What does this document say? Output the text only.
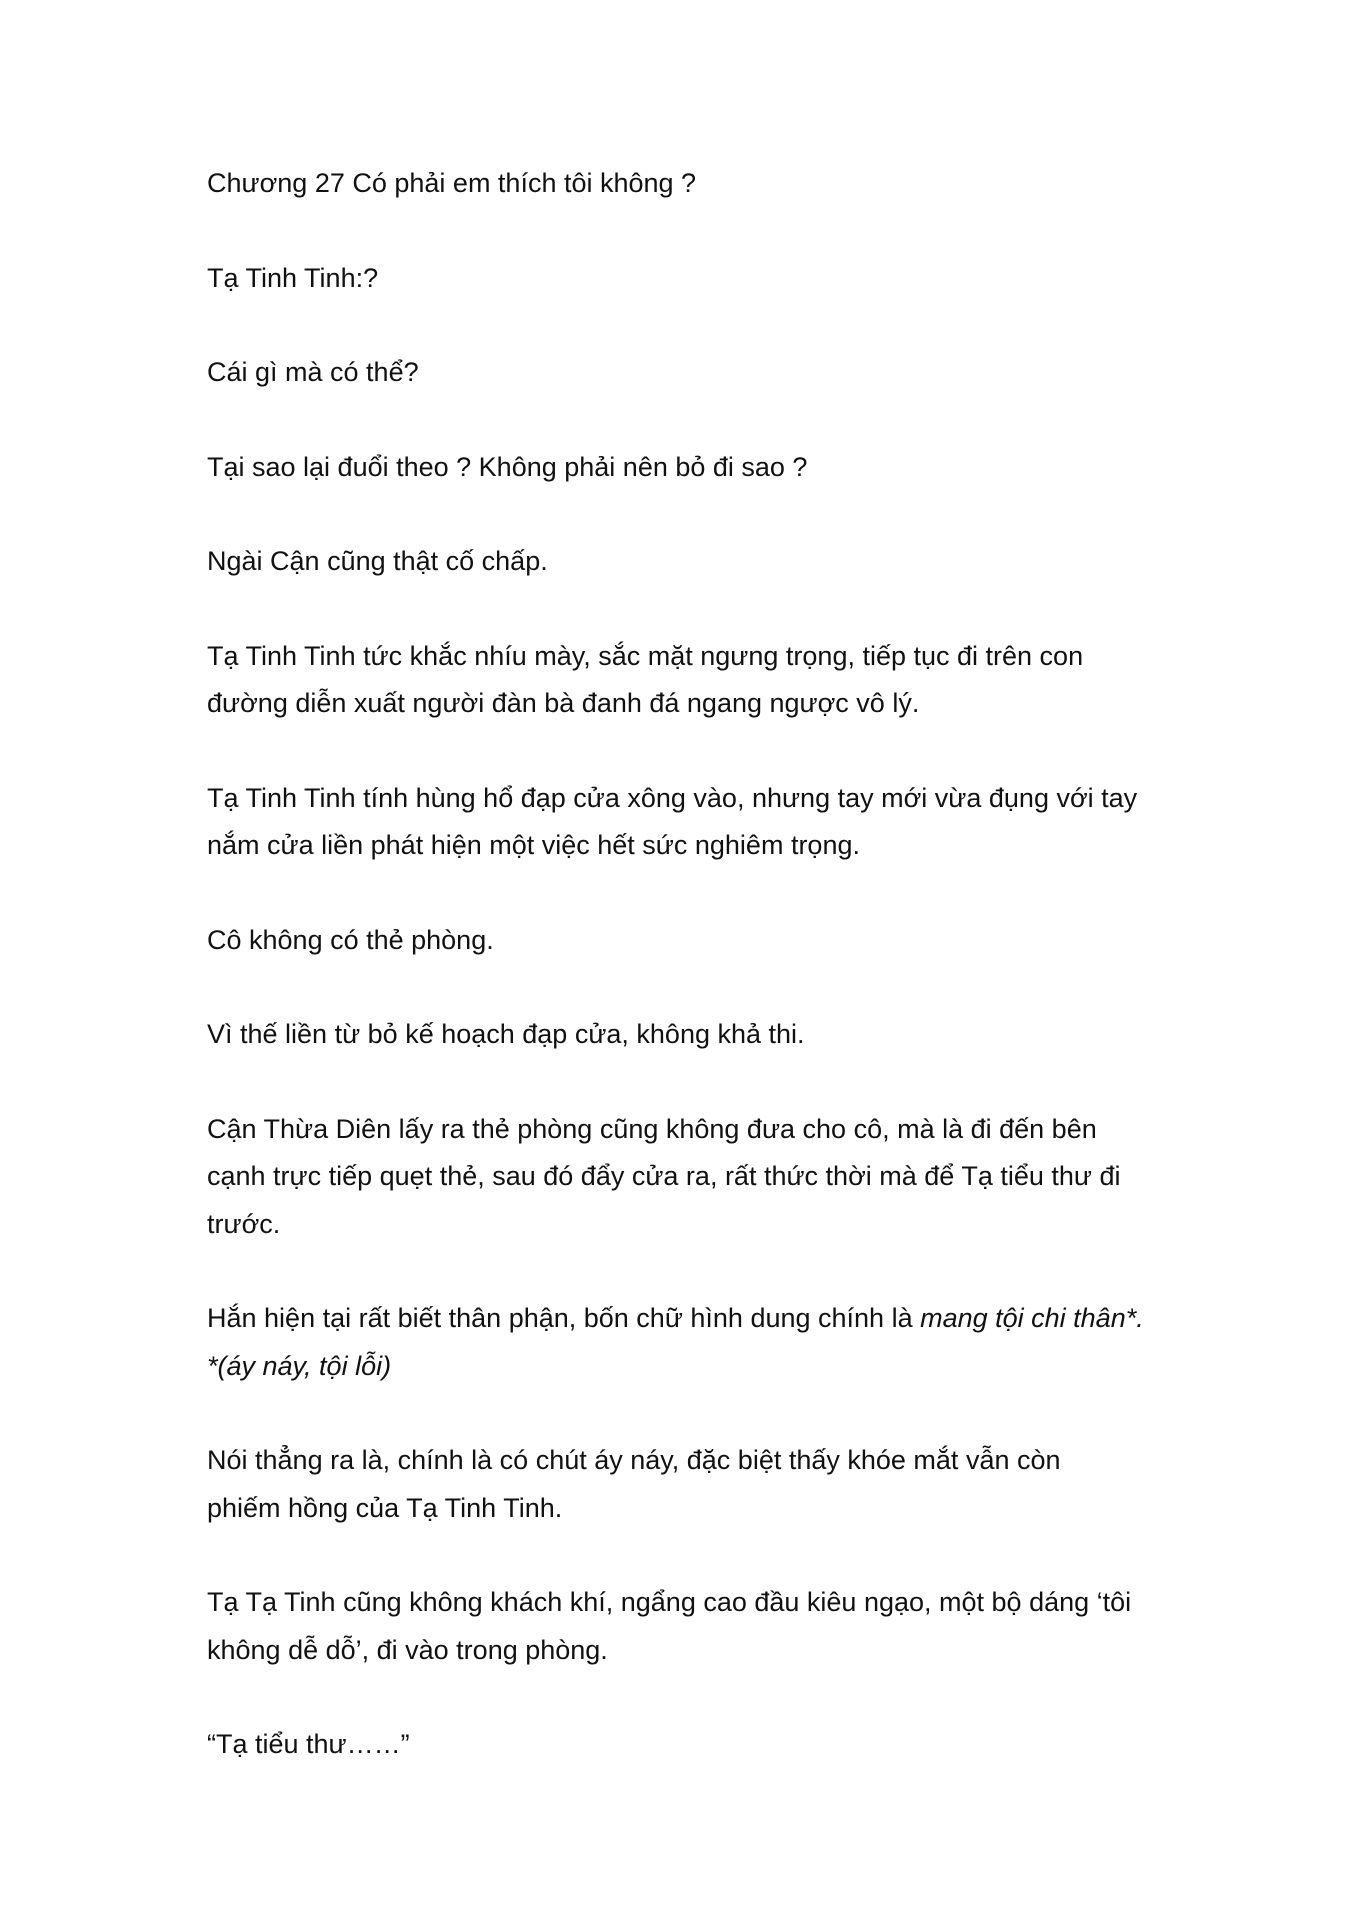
Chương 27 Có phải em thích tôi không ?

Tạ Tinh Tinh:?

Cái gì mà có thể?

Tại sao lại đuổi theo ? Không phải nên bỏ đi sao ?

Ngài Cận cũng thật cố chấp.

Tạ Tinh Tinh tức khắc nhíu mày, sắc mặt ngưng trọng, tiếp tục đi trên con
đường diễn xuất người đàn bà đanh đá ngang ngược vô lý.

Tạ Tinh Tinh tính hùng hổ đạp cửa xông vào, nhưng tay mới vừa đụng với tay
nắm cửa liền phát hiện một việc hết sức nghiêm trọng.

Cô không có thẻ phòng.

Vì thế liền từ bỏ kế hoạch đạp cửa, không khả thi.

Cận Thừa Diên lấy ra thẻ phòng cũng không đưa cho cô, mà là đi đến bên
cạnh trực tiếp quẹt thẻ, sau đó đẩy cửa ra, rất thức thời mà để Tạ tiểu thư đi
trước.

Hắn hiện tại rất biết thân phận, bốn chữ hình dung chính là mang tội chi thân*.
*(áy náy, tội lỗi)

Nói thẳng ra là, chính là có chút áy náy, đặc biệt thấy khóe mắt vẫn còn
phiếm hồng của Tạ Tinh Tinh.

Tạ Tạ Tinh cũng không khách khí, ngẩng cao đầu kiêu ngạo, một bộ dáng ‘tôi
không dễ dỗ’, đi vào trong phòng.

“Tạ tiểu thư……”
